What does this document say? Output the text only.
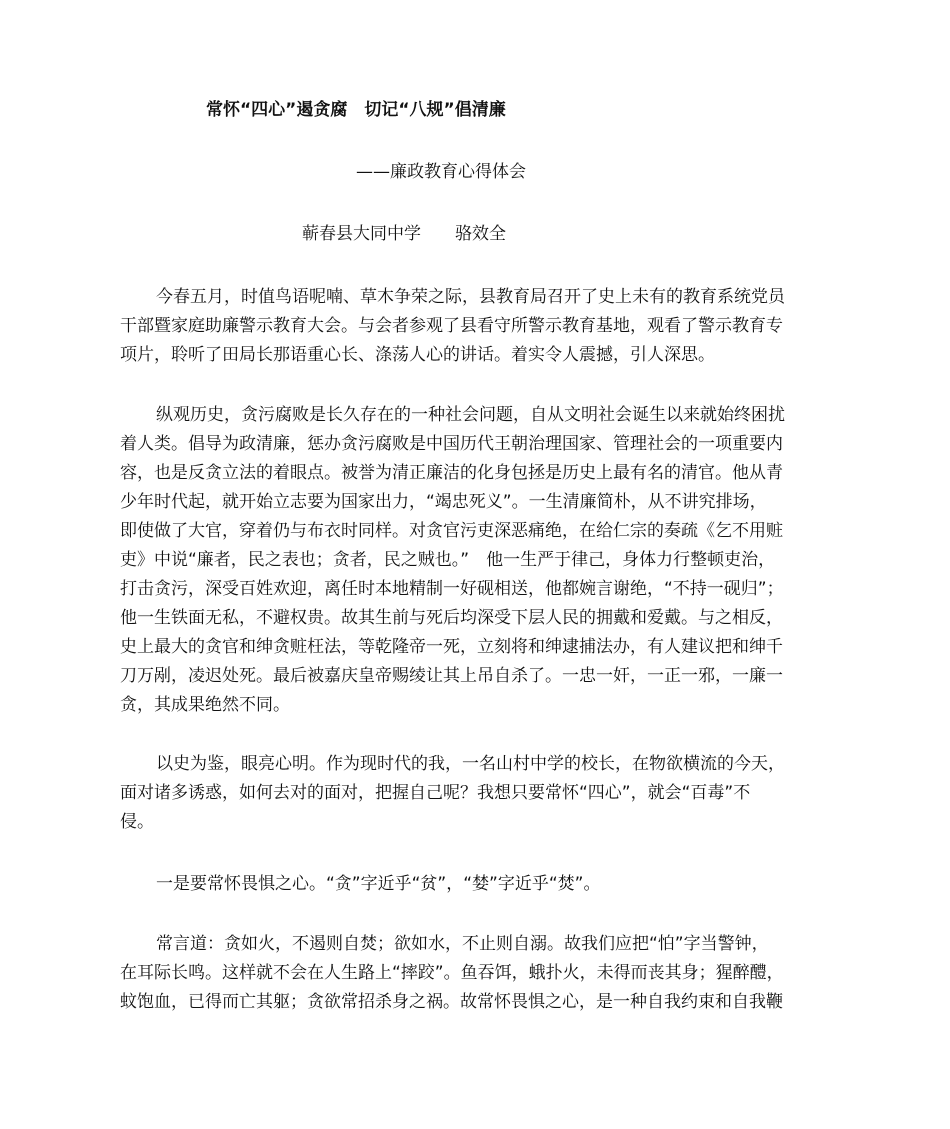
常怀“四心”遏贪腐　切记“八规”倡清廉

——廉政教育心得体会

蕲春县大同中学　　骆效全

今春五月，时值鸟语呢喃、草木争荣之际，县教育局召开了史上未有的教育系统党员
干部暨家庭助廉警示教育大会。与会者参观了县看守所警示教育基地，观看了警示教育专
项片，聆听了田局长那语重心长、涤荡人心的讲话。着实令人震撼，引人深思。
纵观历史，贪污腐败是长久存在的一种社会问题，自从文明社会诞生以来就始终困扰
着人类。倡导为政清廉，惩办贪污腐败是中国历代王朝治理国家、管理社会的一项重要内
容，也是反贪立法的着眼点。被誉为清正廉洁的化身包拯是历史上最有名的清官。他从青
少年时代起，就开始立志要为国家出力，“竭忠死义”。一生清廉简朴，从不讲究排场，
即使做了大官，穿着仍与布衣时同样。对贪官污吏深恶痛绝，在给仁宗的奏疏《乞不用赃
吏》中说“廉者，民之表也；贪者，民之贼也。”　他一生严于律己，身体力行整顿吏治，
打击贪污，深受百姓欢迎，离任时本地精制一好砚相送，他都婉言谢绝，“不持一砚归”；
他一生铁面无私，不避权贵。故其生前与死后均深受下层人民的拥戴和爱戴。与之相反，
史上最大的贪官和绅贪赃枉法，等乾隆帝一死，立刻将和绅逮捕法办，有人建议把和绅千
刀万剐，凌迟处死。最后被嘉庆皇帝赐绫让其上吊自杀了。一忠一奸，一正一邪，一廉一
贪，其成果绝然不同。
以史为鉴，眼亮心明。作为现时代的我，一名山村中学的校长，在物欲横流的今天，
面对诸多诱惑，如何去对的面对，把握自己呢？我想只要常怀“四心”，就会“百毒”不
侵。
一是要常怀畏惧之心。“贪”字近乎“贫”，“婪”字近乎“焚”。
常言道：贪如火，不遏则自焚；欲如水，不止则自溺。故我们应把“怕”字当警钟，
在耳际长鸣。这样就不会在人生路上“摔跤”。鱼吞饵，蛾扑火，未得而丧其身；猩醉醴，
蚊饱血，已得而亡其躯；贪欲常招杀身之祸。故常怀畏惧之心，是一种自我约束和自我鞭
